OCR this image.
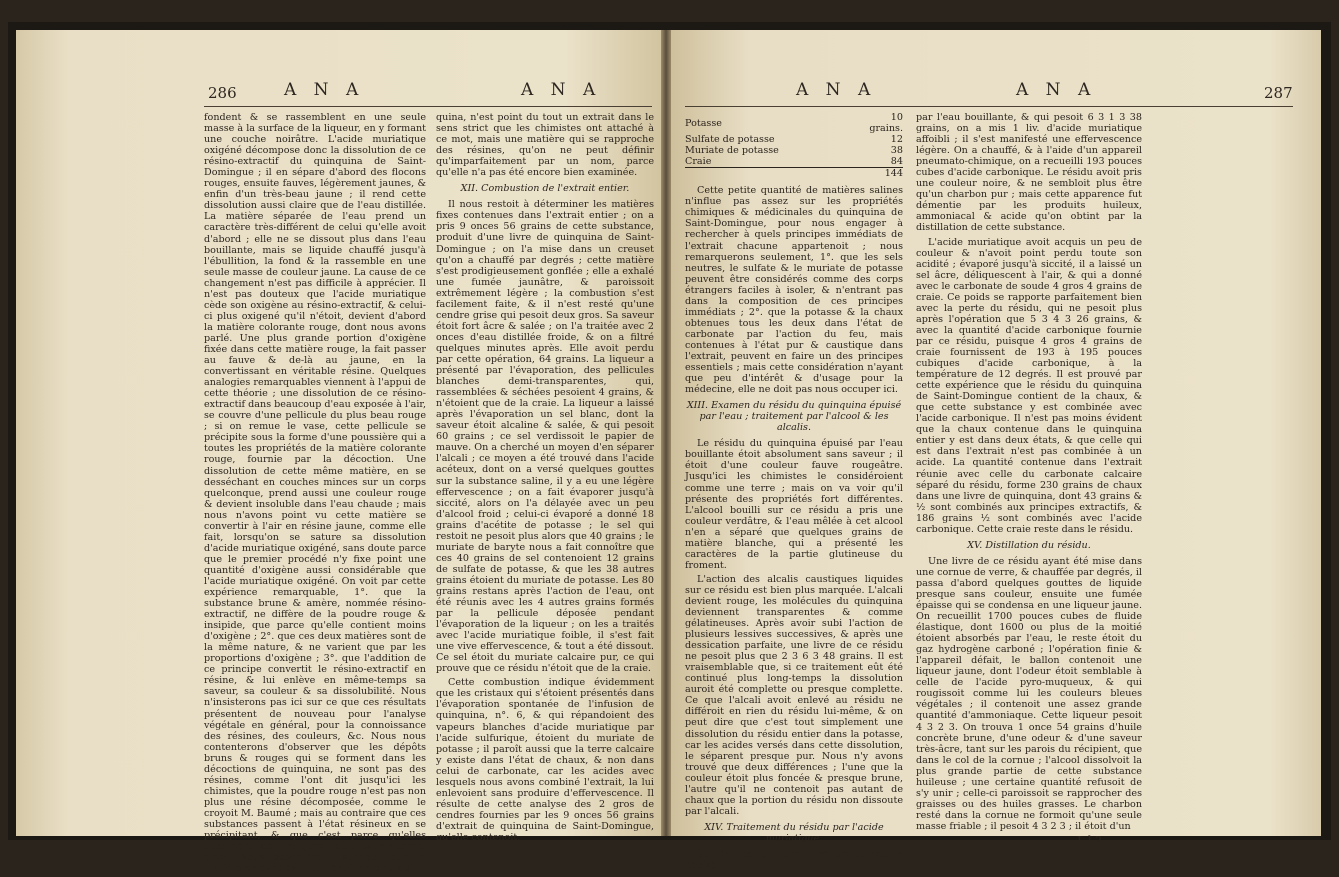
286	A N A	A N A

fondent & se rassemblent en une seule masse à la surface de la liqueur, en y formant une couche noirâtre. L'acide muriatique oxigéné décompose donc la dissolution de ce résino-extractif du quinquina de Saint-Domingue ; il en sépare d'abord des flocons rouges, ensuite fauves, légèrement jaunes, & enfin d'un très-beau jaune ; il rend cette dissolution aussi claire que de l'eau distillée. La matière séparée de l'eau prend un caractère très-différent de celui qu'elle avoit d'abord ; elle ne se dissout plus dans l'eau bouillante, mais se liquide chauffé jusqu'à l'ébullition, la fond & la rassemble en une seule masse de couleur jaune. La cause de ce changement n'est pas difficile à apprécier. Il n'est pas douteux que l'acide muriatique cède son oxigène au résino-extractif, & celui-ci plus oxigené qu'il n'étoit, devient d'abord la matière colorante rouge, dont nous avons parlé. Une plus grande portion d'oxigène fixée dans cette matière rouge, la fait passer au fauve & de-là au jaune, en la convertissant en véritable résine. Quelques analogies remarquables viennent à l'appui de cette théorie ; une dissolution de ce résino-extractif dans beaucoup d'eau exposée à l'air, se couvre d'une pellicule du plus beau rouge ; si on remue le vase, cette pellicule se précipite sous la forme d'une poussière qui a toutes les propriétés de la matière colorante rouge, fournie par la décoction. Une dissolution de cette même matière, en se desséchant en couches minces sur un corps quelconque, prend aussi une couleur rouge & devient insoluble dans l'eau chaude ; mais nous n'avons point vu cette matière se convertir à l'air en résine jaune, comme elle fait, lorsqu'on se sature sa dissolution d'acide muriatique oxigéné, sans doute parce que le premier procédé n'y fixe point une quantité d'oxigène aussi considérable que l'acide muriatique oxigéné. On voit par cette expérience remarquable, 1°. que la substance brune & amère, nommée résino-extractif, ne diffère de la poudre rouge & insipide, que parce qu'elle contient moins d'oxigène ; 2°. que ces deux matières sont de la même nature, & ne varient que par les proportions d'oxigène ; 3°. que l'addition de ce principe convertit le résino-extractif en résine, & lui enlève en même-temps sa saveur, sa couleur & sa dissolubilité. Nous n'insisterons pas ici sur ce que ces résultats présentent de nouveau pour l'analyse végétale en général, pour la connoissance des résines, des couleurs, &c. Nous nous contenterons d'observer que les dépôts bruns & rouges qui se forment dans les décoctions de quinquina, ne sont pas des résines, comme l'ont dit jusqu'ici les chimistes, que la poudre rouge n'est pas non plus une résine décomposée, comme le croyoit M. Baumé ; mais au contraire que ces substances passent à l'état résineux en se précipitant, & que c'est parce qu'elles absorbent de l'oxigène, qu'elles s'altèrent ainsi. Nous observerons sur-tout que la matière enlevée par l'eau bouillante au quin-

quina, n'est point du tout un extrait dans le sens strict que les chimistes ont attaché à ce mot, mais une matière qui se rapproche des résines, qu'on ne peut définir qu'imparfaitement par un nom, parce qu'elle n'a pas été encore bien examinée.

XII. Combustion de l'extrait entier.

Il nous restoit à déterminer les matières fixes contenues dans l'extrait entier ; on a pris 9 onces 56 grains de cette substance, produit d'une livre de quinquina de Saint-Domingue ; on l'a mise dans un creuset qu'on a chauffé par degrés ; cette matière s'est prodigieusement gonflée ; elle a exhalé une fumée jaunâtre, & paroissoit extrêmement légère ; la combustion s'est facilement faite, & il n'est resté qu'une cendre grise qui pesoit deux gros. Sa saveur étoit fort âcre & salée ; on l'a traitée avec 2 onces d'eau distillée froide, & on a filtré quelques minutes après. Elle avoit perdu par cette opération, 64 grains. La liqueur a présenté par l'évaporation, des pellicules blanches demi-transparentes, qui, rassemblées & séchées pesoient 4 grains, & n'étoient que de la craie. La liqueur a laissé après l'évaporation un sel blanc, dont la saveur étoit alcaline & salée, & qui pesoit 60 grains ; ce sel verdissoit le papier de mauve. On a cherché un moyen d'en séparer l'alcali ; ce moyen a été trouvé dans l'acide acéteux, dont on a versé quelques gouttes sur la substance saline, il y a eu une légère effervescence ; on a fait évaporer jusqu'à siccité, alors on l'a délayée avec un peu d'alcool froid ; celui-ci évaporé a donné 18 grains d'acétite de potasse ; le sel qui restoit ne pesoit plus alors que 40 grains ; le muriate de baryte nous a fait connoître que ces 40 grains de sel contenoient 12 grains de sulfate de potasse, & que les 38 autres grains étoient du muriate de potasse. Les 80 grains restans après l'action de l'eau, ont été réunis avec les 4 autres grains formés par la pellicule déposée pendant l'évaporation de la liqueur ; on les a traités avec l'acide muriatique foible, il s'est fait une vive effervescence, & tout a été dissout. Ce sel étoit du muriate calcaire pur, ce qui prouve que ce résidu n'étoit que de la craie.

Cette combustion indique évidemment que les cristaux qui s'étoient présentés dans l'évaporation spontanée de l'infusion de quinquina, n°. 6, & qui répandoient des vapeurs blanches d'acide muriatique par l'acide sulfurique, étoient du muriate de potasse ; il paroît aussi que la terre calcaire y existe dans l'état de chaux, & non dans celui de carbonate, car les acides avec lesquels nous avons combiné l'extrait, la lui enlevoient sans produire d'effervescence. Il résulte de cette analyse des 2 gros de cendres fournies par les 9 onces 56 grains d'extrait de quinquina de Saint-Domingue, qu'elle contenoit,

A N A	A N A	287
Potasse	10 grains.
Sulfate de potasse	12
Muriate de potasse	38
Craie	84
	144

Cette petite quantité de matières salines n'influe pas assez sur les propriétés chimiques & médicinales du quinquina de Saint-Domingue, pour nous engager à rechercher à quels principes immédiats de l'extrait chacune appartenoit ; nous remarquerons seulement, 1°. que les sels neutres, le sulfate & le muriate de potasse peuvent être considérés comme des corps étrangers faciles à isoler, & n'entrant pas dans la composition de ces principes immédiats ; 2°. que la potasse & la chaux obtenues tous les deux dans l'état de carbonate par l'action du feu, mais contenues à l'état pur & caustique dans l'extrait, peuvent en faire un des principes essentiels ; mais cette considération n'ayant que peu d'intérêt & d'usage pour la médecine, elle ne doit pas nous occuper ici.

XIII. Examen du résidu du quinquina épuisé par l'eau ; traitement par l'alcool & les alcalis.

Le résidu du quinquina épuisé par l'eau bouillante étoit absolument sans saveur ; il étoit d'une couleur fauve rougeâtre. Jusqu'ici les chimistes le considéroient comme une terre ; mais on va voir qu'il présente des propriétés fort différentes. L'alcool bouilli sur ce résidu a pris une couleur verdâtre, & l'eau mêlée à cet alcool n'en a séparé que quelques grains de matière blanche, qui a présenté les caractères de la partie glutineuse du froment.

L'action des alcalis caustiques liquides sur ce résidu est bien plus marquée. L'alcali devient rouge, les molécules du quinquina deviennent transparentes & comme gélatineuses. Après avoir subi l'action de plusieurs lessives successives, & après une dessication parfaite, une livre de ce résidu ne pesoit plus que 2 3 6 3 48 grains. Il est vraisemblable que, si ce traitement eût été continué plus long-temps la dissolution auroit été complette ou presque complette. Ce que l'alcali avoit enlevé au résidu ne différoit en rien du résidu lui-même, & on peut dire que c'est tout simplement une dissolution du résidu entier dans la potasse, car les acides versés dans cette dissolution, le séparent presque pur. Nous n'y avons trouvé que deux différences ; l'une que la couleur étoit plus foncée & presque brune, l'autre qu'il ne contenoit pas autant de chaux que la portion du résidu non dissoute par l'alcali.

XIV. Traitement du résidu par l'acide muriatique.

Sur le résidu d'une livre de quinquina épuisé

par l'eau bouillante, & qui pesoit 6 3 1 3 38 grains, on a mis 1 liv. d'acide muriatique affoibli ; il s'est manifesté une effervescence légère. On a chauffé, & à l'aide d'un appareil pneumato-chimique, on a recueilli 193 pouces cubes d'acide carbonique. Le résidu avoit pris une couleur noire, & ne sembloit plus être qu'un charbon pur ; mais cette apparence fut démentie par les produits huileux, ammoniacal & acide qu'on obtint par la distillation de cette substance.

L'acide muriatique avoit acquis un peu de couleur & n'avoit point perdu toute son acidité ; évaporé jusqu'à siccité, il a laissé un sel âcre, déliquescent à l'air, & qui a donné avec le carbonate de soude 4 gros 4 grains de craie. Ce poids se rapporte parfaitement bien avec la perte du résidu, qui ne pesoit plus après l'opération que 5 3 4 3 26 grains, & avec la quantité d'acide carbonique fournie par ce résidu, puisque 4 gros 4 grains de craie fournissent de 193 à 195 pouces cubiques d'acide carbonique, à la température de 12 degrés. Il est prouvé par cette expérience que le résidu du quinquina de Saint-Domingue contient de la chaux, & que cette substance y est combinée avec l'acide carbonique. Il n'est pas moins évident que la chaux contenue dans le quinquina entier y est dans deux états, & que celle qui est dans l'extrait n'est pas combinée à un acide. La quantité contenue dans l'extrait réunie avec celle du carbonate calcaire séparé du résidu, forme 230 grains de chaux dans une livre de quinquina, dont 43 grains & ½ sont combinés aux principes extractifs, & 186 grains ½ sont combinés avec l'acide carbonique. Cette craie reste dans le résidu.

XV. Distillation du résidu.

Une livre de ce résidu ayant été mise dans une cornue de verre, & chauffée par degrés, il passa d'abord quelques gouttes de liquide presque sans couleur, ensuite une fumée épaisse qui se condensa en une liqueur jaune. On recueillit 1700 pouces cubes de fluide élastique, dont 1600 ou plus de la moitié étoient absorbés par l'eau, le reste étoit du gaz hydrogène carboné ; l'opération finie & l'appareil défait, le ballon contenoit une liqueur jaune, dont l'odeur étoit semblable à celle de l'acide pyro-muqueux, & qui rougissoit comme lui les couleurs bleues végétales ; il contenoit une assez grande quantité d'ammoniaque. Cette liqueur pesoit 4 3 2 3. On trouva 1 once 54 grains d'huile concrète brune, d'une odeur & d'une saveur très-âcre, tant sur les parois du récipient, que dans le col de la cornue ; l'alcool dissolvoit la plus grande partie de cette substance huileuse ; une certaine quantité refusoit de s'y unir ; celle-ci paroissoit se rapprocher des graisses ou des huiles grasses. Le charbon resté dans la cornue ne formoit qu'une seule masse friable ; il pesoit 4 3 2 3 ; il étoit d'un

L l 2
